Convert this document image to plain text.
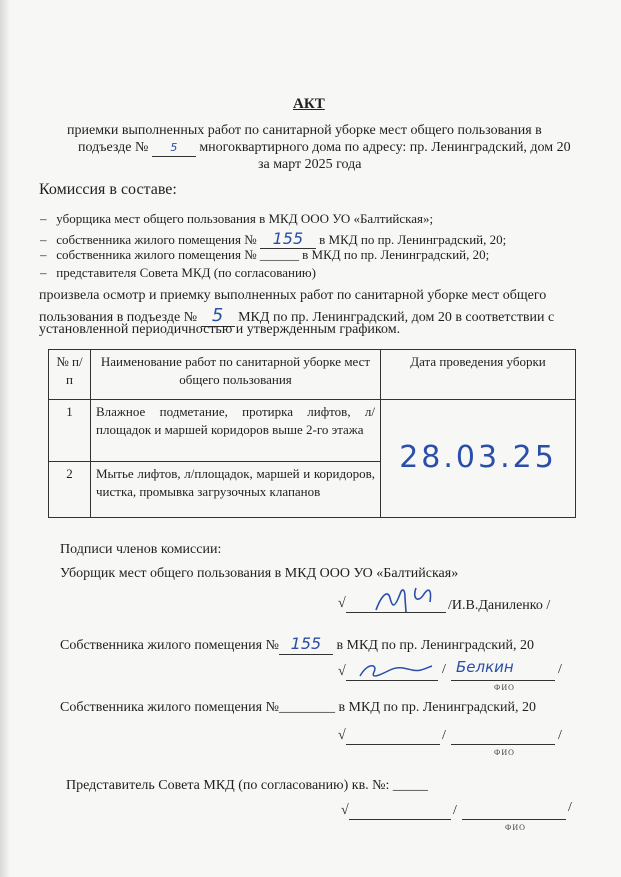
АКТ
приемки выполненных работ по санитарной уборке мест общего пользования в
подъезде № 5 многоквартирного дома по адресу: пр. Ленинградский, дом 20
за март 2025 года
Комиссия в составе:
–   уборщика мест общего пользования в МКД ООО УО «Балтийская»;
–   собственника жилого помещения № 155 в МКД по пр. Ленинградский, 20;
–   собственника жилого помещения № ______ в МКД по пр. Ленинградский, 20;
–   представителя Совета МКД (по согласованию)
произвела осмотр и приемку выполненных работ по санитарной уборке мест общего
пользования в подъезде № 5 МКД по пр. Ленинградский, дом 20 в соответствии с
установленной периодичностью и утвержденным графиком.
№ п/п	Наименование работ по санитарной уборке мест общего пользования	Дата проведения уборки
1	Влажное подметание, протирка лифтов, л/площадок и маршей коридоров выше 2-го этажа	28.03.25
2	Мытье лифтов, л/площадок, маршей и коридоров, чистка, промывка загрузочных клапанов	
Подписи членов комиссии:
Уборщик мест общего пользования в МКД ООО УО «Балтийская»
√	/И.В.Даниленко /
Собственника жилого помещения № 155 в МКД по пр. Ленинградский, 20
√	/ Белкин	/
ФИО
Собственника жилого помещения №________ в МКД по пр. Ленинградский, 20
√	/	/
ФИО
Представитель Совета МКД (по согласованию) кв. №: _____
√	/	/
ФИО
